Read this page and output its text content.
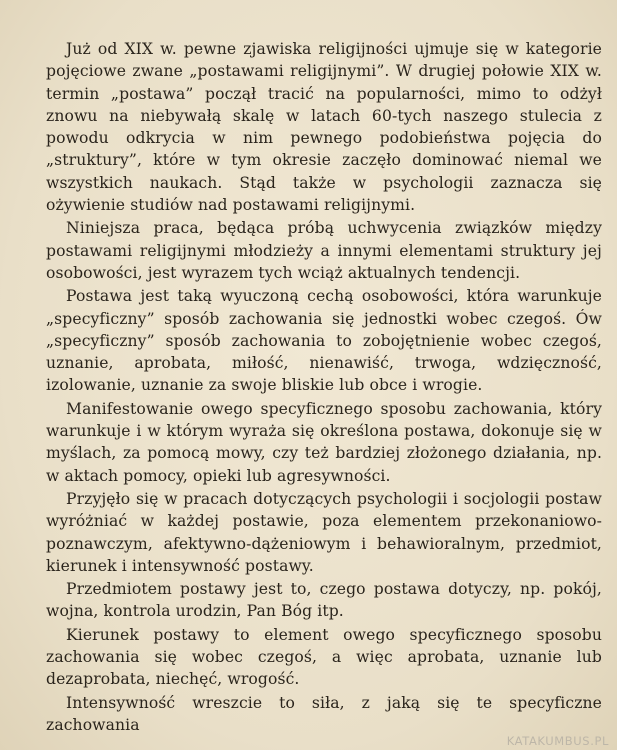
Już od XIX w. pewne zjawiska religijności ujmuje się w kategorie pojęciowe zwane „postawami religijnymi”. W drugiej połowie XIX w. termin „postawa” począł tracić na popularności, mimo to odżył znowu na niebywałą skalę w latach 60-tych naszego stulecia z powodu odkrycia w nim pewnego podobieństwa pojęcia do „struktury”, które w tym okresie zaczęło dominować niemal we wszystkich naukach. Stąd także w psychologii zaznacza się ożywienie studiów nad postawami religijnymi.

Niniejsza praca, będąca próbą uchwycenia związków między postawami religijnymi młodzieży a innymi elementami struktury jej osobowości, jest wyrazem tych wciąż aktualnych tendencji.

Postawa jest taką wyuczoną cechą osobowości, która warunkuje „specyficzny” sposób zachowania się jednostki wobec czegoś. Ów „specyficzny” sposób zachowania to zobojętnienie wobec czegoś, uznanie, aprobata, miłość, nienawiść, trwoga, wdzięczność, izolowanie, uznanie za swoje bliskie lub obce i wrogie.

Manifestowanie owego specyficznego sposobu zachowania, który warunkuje i w którym wyraża się określona postawa, dokonuje się w myślach, za pomocą mowy, czy też bardziej złożonego działania, np. w aktach pomocy, opieki lub agresywności.

Przyjęło się w pracach dotyczących psychologii i socjologii postaw wyróżniać w każdej postawie, poza elementem przekonaniowo-poznawczym, afektywno-dążeniowym i behawioralnym, przedmiot, kierunek i intensywność postawy.

Przedmiotem postawy jest to, czego postawa dotyczy, np. pokój, wojna, kontrola urodzin, Pan Bóg itp.

Kierunek postawy to element owego specyficznego sposobu zachowania się wobec czegoś, a więc aprobata, uznanie lub dezaprobata, niechęć, wrogość.

Intensywność wreszcie to siła, z jaką się te specyficzne zachowania

KATAKUMBUS.PL
